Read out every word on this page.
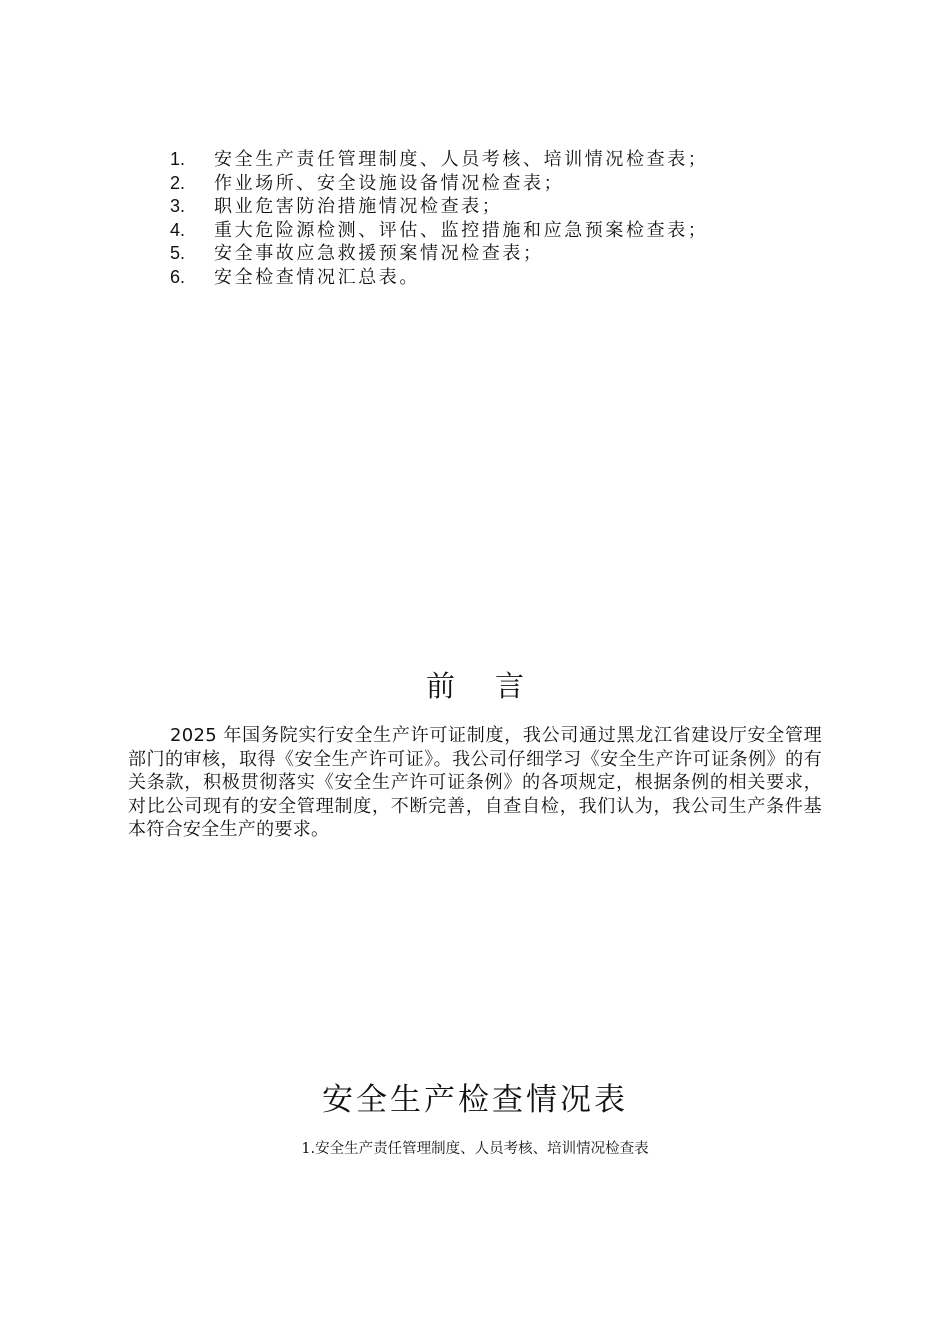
1.	安全生产责任管理制度、人员考核、培训情况检查表；
2.	作业场所、安全设施设备情况检查表；
3.	职业危害防治措施情况检查表；
4.	重大危险源检测、评估、监控措施和应急预案检查表；
5.	安全事故应急救援预案情况检查表；
6.	安全检查情况汇总表。
前言

2025 年国务院实行安全生产许可证制度，我公司通过黑龙江省建设厅安全管理部门的审核，取得《安全生产许可证》。我公司仔细学习《安全生产许可证条例》的有关条款，积极贯彻落实《安全生产许可证条例》的各项规定，根据条例的相关要求，对比公司现有的安全管理制度，不断完善，自查自检，我们认为，我公司生产条件基本符合安全生产的要求。

安全生产检查情况表

1.安全生产责任管理制度、人员考核、培训情况检查表
